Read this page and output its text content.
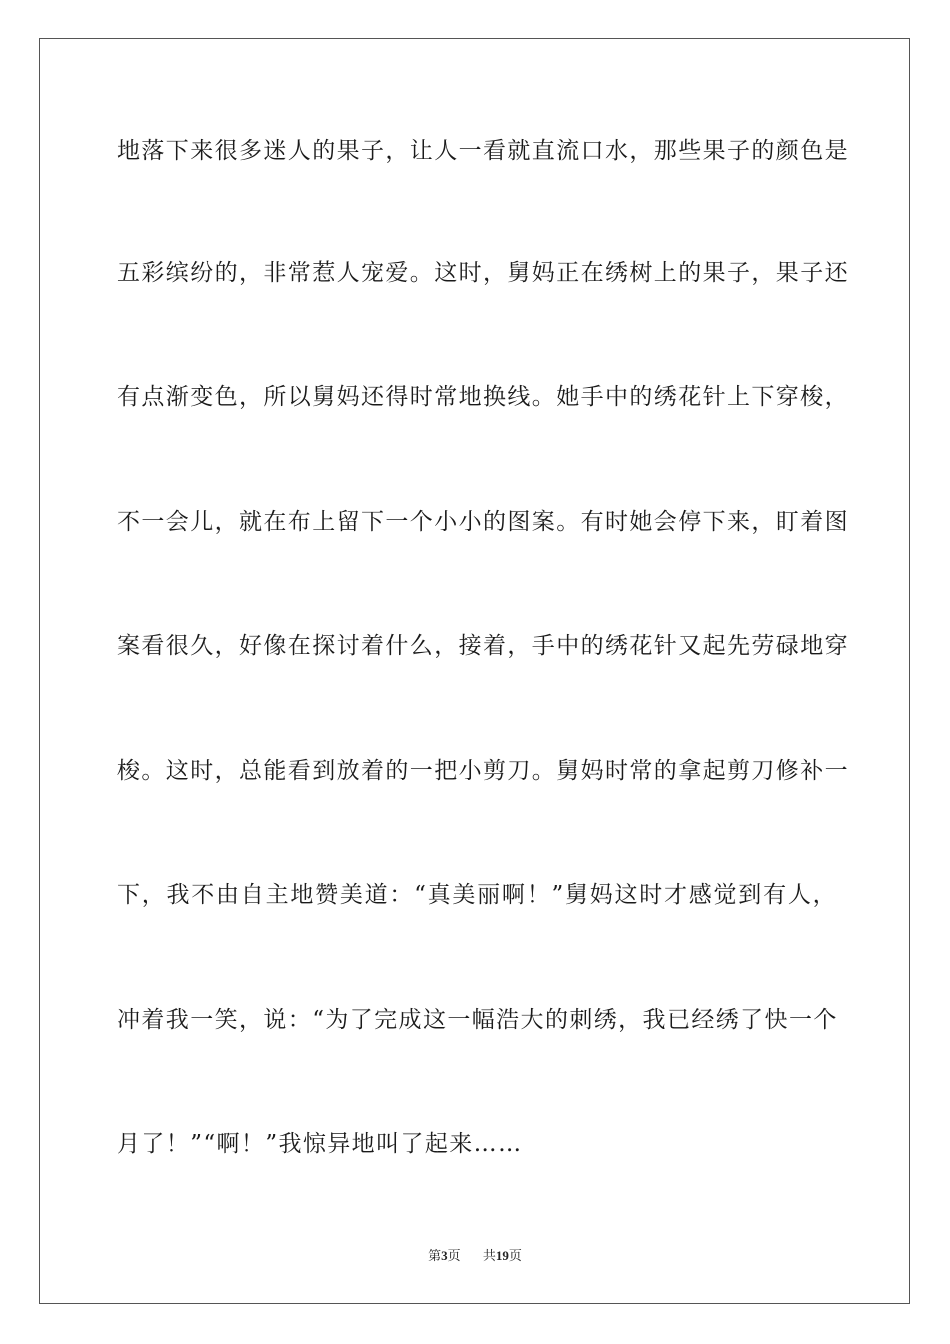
地落下来很多迷人的果子，让人一看就直流口水，那些果子的颜色是
五彩缤纷的，非常惹人宠爱。这时，舅妈正在绣树上的果子，果子还
有点渐变色，所以舅妈还得时常地换线。她手中的绣花针上下穿梭，
不一会儿，就在布上留下一个小小的图案。有时她会停下来，盯着图
案看很久，好像在探讨着什么，接着，手中的绣花针又起先劳碌地穿
梭。这时，总能看到放着的一把小剪刀。舅妈时常的拿起剪刀修补一
下，我不由自主地赞美道：“真美丽啊！”舅妈这时才感觉到有人，
冲着我一笑，说：“为了完成这一幅浩大的刺绣，我已经绣了快一个
月了！”“啊！”我惊异地叫了起来……
第3页 共19页
